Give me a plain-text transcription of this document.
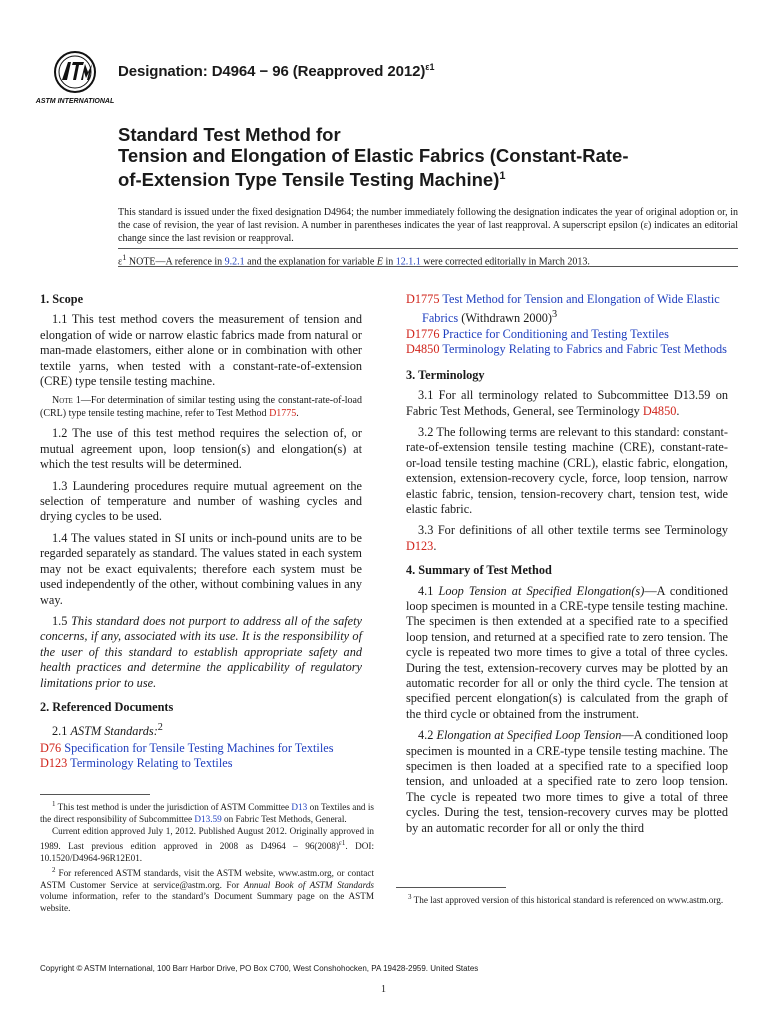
ASTM INTERNATIONAL
Designation: D4964 − 96 (Reapproved 2012)$^{\varepsilon 1}$
Standard Test Method for
Tension and Elongation of Elastic Fabrics (Constant-Rate-
of-Extension Type Tensile Testing Machine)$^1$
This standard is issued under the fixed designation D4964; the number immediately following the designation indicates the year of original adoption or, in the case of revision, the year of last revision. A number in parentheses indicates the year of last reapproval. A superscript epsilon (ε) indicates an editorial change since the last revision or reapproval.
$\varepsilon^1$ NOTE—A reference in 9.2.1 and the explanation for variable E in 12.1.1 were corrected editorially in March 2013.
1. Scope

1.1 This test method covers the measurement of tension and elongation of wide or narrow elastic fabrics made from natural or man-made elastomers, either alone or in combination with other textile yarns, when tested with a constant-rate-of-extension (CRE) type tensile testing machine.

Note 1—For determination of similar testing using the constant-rate-of-load (CRL) type tensile testing machine, refer to Test Method D1775.

1.2 The use of this test method requires the selection of, or mutual agreement upon, loop tension(s) and elongation(s) at which the test results will be determined.

1.3 Laundering procedures require mutual agreement on the selection of temperature and number of washing cycles and drying cycles to be used.

1.4 The values stated in SI units or inch-pound units are to be regarded separately as standard. The values stated in each system may not be exact equivalents; therefore each system must be used independently of the other, without combining values in any way.

1.5 This standard does not purport to address all of the safety concerns, if any, associated with its use. It is the responsibility of the user of this standard to establish appropriate safety and health practices and determine the applicability of regulatory limitations prior to use.

2. Referenced Documents

2.1 ASTM Standards:$^2$

D76 Specification for Tensile Testing Machines for Textiles

D123 Terminology Relating to Textiles

D1775 Test Method for Tension and Elongation of Wide Elastic Fabrics (Withdrawn 2000)$^3$

D1776 Practice for Conditioning and Testing Textiles

D4850 Terminology Relating to Fabrics and Fabric Test Methods

3. Terminology

3.1 For all terminology related to Subcommittee D13.59 on Fabric Test Methods, General, see Terminology D4850.

3.2 The following terms are relevant to this standard: constant-rate-of-extension tensile testing machine (CRE), constant-rate-or-load tensile testing machine (CRL), elastic fabric, elongation, extension, extension-recovery cycle, force, loop tension, narrow elastic fabric, tension, tension-recovery chart, tension test, wide elastic fabric.

3.3 For definitions of all other textile terms see Terminology D123.

4. Summary of Test Method

4.1 Loop Tension at Specified Elongation(s)—A conditioned loop specimen is mounted in a CRE-type tensile testing machine. The specimen is then extended at a specified rate to a specified loop tension, and returned at a specified rate to zero tension. The cycle is repeated two more times to give a total of three cycles. During the test, extension-recovery curves may be plotted by an automatic recorder for all or only the third cycle. The tension at specified percent elongation(s) is calculated from the graph of the third cycle or obtained from the instrument.

4.2 Elongation at Specified Loop Tension—A conditioned loop specimen is mounted in a CRE-type tensile testing machine. The specimen is then loaded at a specified rate to a specified loop tension, and unloaded at a specified rate to zero loop tension. The cycle is repeated two more times to give a total of three cycles. During the test, tension-recovery curves may be plotted by an automatic recorder for all or only the third

$^1$ This test method is under the jurisdiction of ASTM Committee D13 on Textiles and is the direct responsibility of Subcommittee D13.59 on Fabric Test Methods, General.

Current edition approved July 1, 2012. Published August 2012. Originally approved in 1989. Last previous edition approved in 2008 as $D4964 - 96(2008)^{\varepsilon 1}$. DOI: 10.1520/D4964-96R12E01.

$^2$ For referenced ASTM standards, visit the ASTM website, www.astm.org, or contact ASTM Customer Service at service@astm.org. For Annual Book of ASTM Standards volume information, refer to the standard’s Document Summary page on the ASTM website.

$^3$ The last approved version of this historical standard is referenced on www.astm.org.

Copyright © ASTM International, 100 Barr Harbor Drive, PO Box C700, West Conshohocken, PA 19428-2959. United States
1
